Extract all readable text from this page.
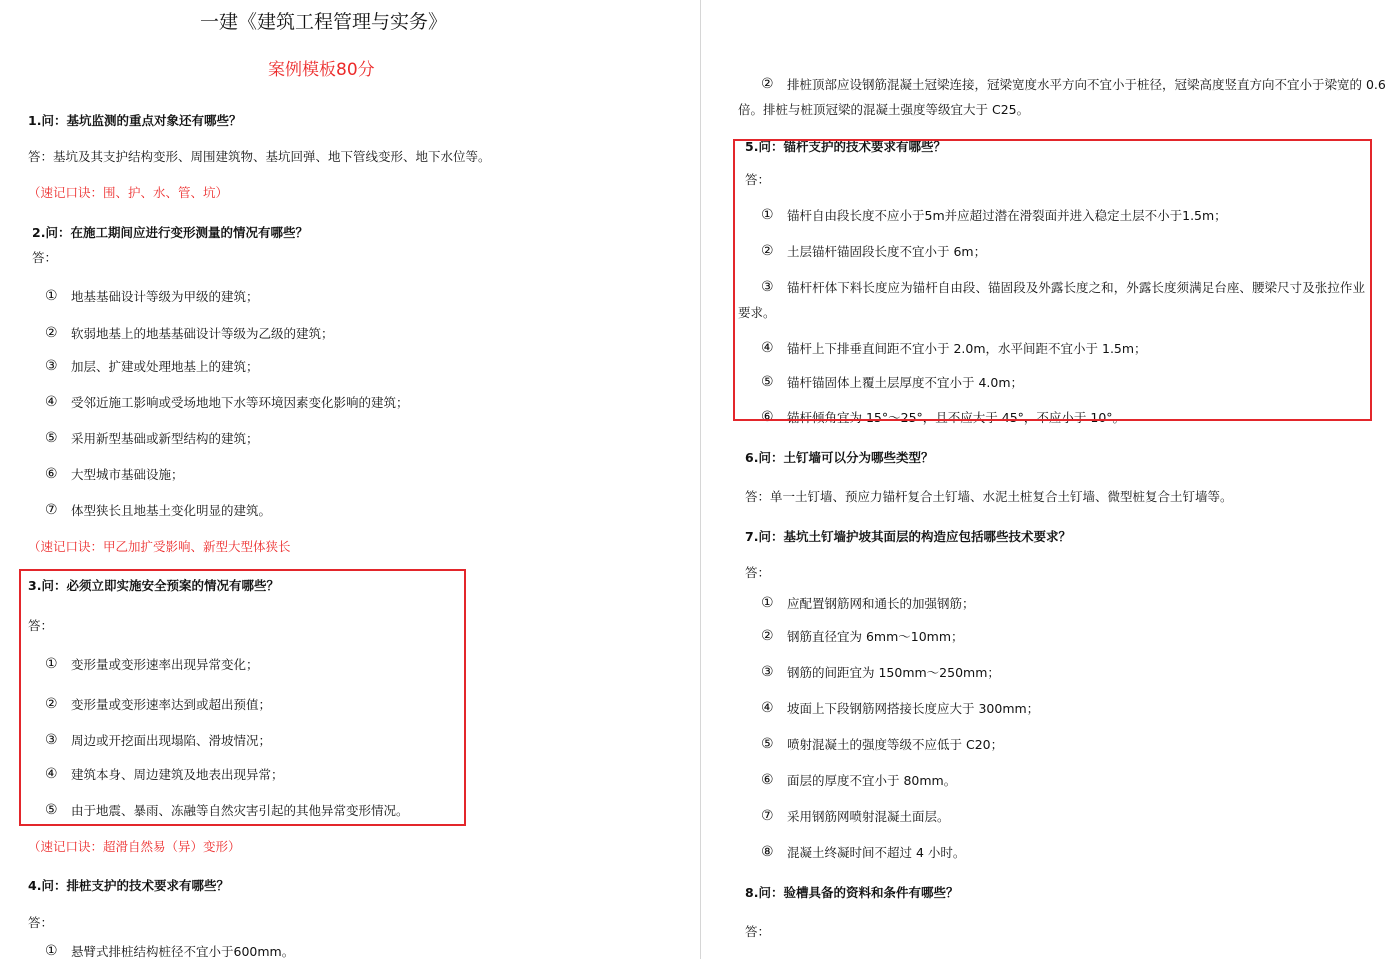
一建《建筑工程管理与实务》
案例模板80分
1.问：基坑监测的重点对象还有哪些？
答：基坑及其支护结构变形、周围建筑物、基坑回弹、地下管线变形、地下水位等。
（速记口诀：围、护、水、管、坑）
2.问：在施工期间应进行变形测量的情况有哪些？
答：
① 地基基础设计等级为甲级的建筑；
② 软弱地基上的地基基础设计等级为乙级的建筑；
③ 加层、扩建或处理地基上的建筑；
④ 受邻近施工影响或受场地地下水等环境因素变化影响的建筑；
⑤ 采用新型基础或新型结构的建筑；
⑥ 大型城市基础设施；
⑦ 体型狭长且地基土变化明显的建筑。
（速记口诀：甲乙加扩受影响、新型大型体狭长
3.问：必须立即实施安全预案的情况有哪些？
答：
① 变形量或变形速率出现异常变化；
② 变形量或变形速率达到或超出预值；
③ 周边或开挖面出现塌陷、滑坡情况；
④ 建筑本身、周边建筑及地表出现异常；
⑤ 由于地震、暴雨、冻融等自然灾害引起的其他异常变形情况。
（速记口诀：超滑自然易（异）变形）
4.问：排桩支护的技术要求有哪些？
答：
① 悬臂式排桩结构桩径不宜小于600mm。
② 排桩顶部应设钢筋混凝土冠梁连接，冠梁宽度水平方向不宜小于桩径，冠梁高度竖直方向不宜小于梁宽的 0.6
倍。排桩与桩顶冠梁的混凝土强度等级宜大于 C25。
5.问：锚杆支护的技术要求有哪些？
答：
① 锚杆自由段长度不应小于5m并应超过潜在滑裂面并进入稳定土层不小于1.5m；
② 土层锚杆锚固段长度不宜小于 6m；
③ 锚杆杆体下料长度应为锚杆自由段、锚固段及外露长度之和，外露长度须满足台座、腰梁尺寸及张拉作业
要求。
④ 锚杆上下排垂直间距不宜小于 2.0m，水平间距不宜小于 1.5m；
⑤ 锚杆锚固体上覆土层厚度不宜小于 4.0m；
⑥ 锚杆倾角宜为 15°～25°，且不应大于 45°，不应小于 10°。
6.问：土钉墙可以分为哪些类型？
答：单一土钉墙、预应力锚杆复合土钉墙、水泥土桩复合土钉墙、微型桩复合土钉墙等。
7.问：基坑土钉墙护坡其面层的构造应包括哪些技术要求？
答：
① 应配置钢筋网和通长的加强钢筋；
② 钢筋直径宜为 6mm～10mm；
③ 钢筋的间距宜为 150mm～250mm；
④ 坡面上下段钢筋网搭接长度应大于 300mm；
⑤ 喷射混凝土的强度等级不应低于 C20；
⑥ 面层的厚度不宜小于 80mm。
⑦ 采用钢筋网喷射混凝土面层。
⑧ 混凝土终凝时间不超过 4 小时。
8.问：验槽具备的资料和条件有哪些？
答：
